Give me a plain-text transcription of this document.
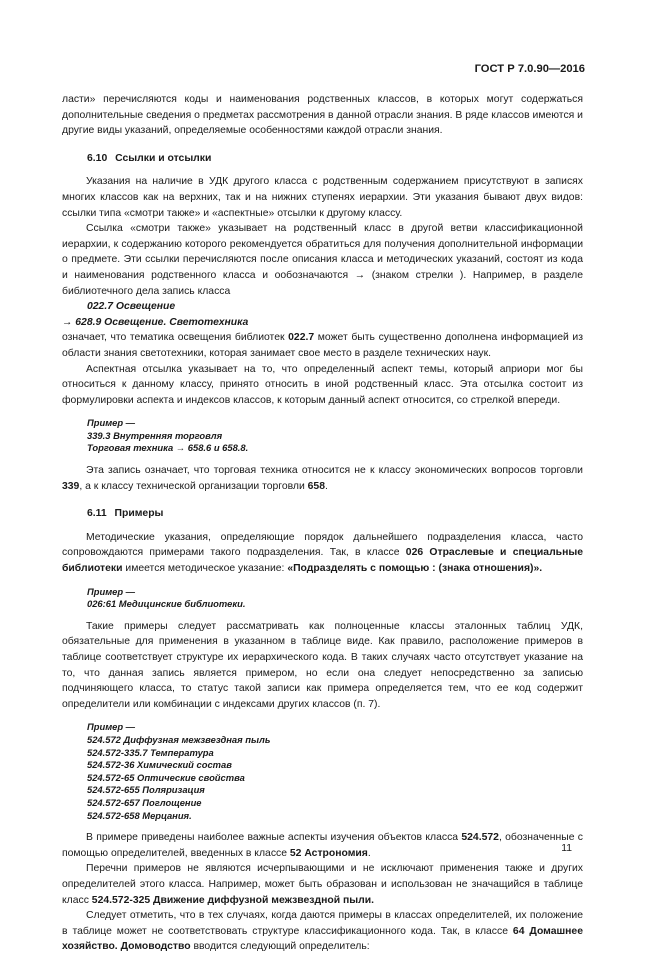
ГОСТ Р 7.0.90—2016

ласти» перечисляются коды и наименования родственных классов, в которых могут содержаться дополнительные сведения о предметах рассмотрения в данной отрасли знания. В ряде классов имеются и другие виды указаний, определяемые особенностями каждой отрасли знания.

6.10 Ссылки и отсылки

Указания на наличие в УДК другого класса с родственным содержанием присутствуют в записях многих классов как на верхних, так и на нижних ступенях иерархии. Эти указания бывают двух видов: ссылки типа «смотри также» и «аспектные» отсылки к другому классу.

Ссылка «смотри также» указывает на родственный класс в другой ветви классификационной иерархии, к содержанию которого рекомендуется обратиться для получения дополнительной информации о предмете. Эти ссылки перечисляются после описания класса и методических указаний, состоят из кода и наименования родственного класса и ообозначаются → (знаком стрелки ). Например, в разделе библиотечного дела запись класса

022.7 Освещение
→ 628.9 Освещение. Светотехника

означает, что тематика освещения библиотек 022.7 может быть существенно дополнена информацией из области знания светотехники, которая занимает свое место в разделе технических наук.

Аспектная отсылка указывает на то, что определенный аспект темы, который априори мог бы относиться к данному классу, принято относить в иной родственный класс. Эта отсылка состоит из формулировки аспекта и индексов классов, к которым данный аспект относится, со стрелкой впереди.

Пример —
339.3 Внутренняя торговля
Торговая техника → 658.6 и 658.8.

Эта запись означает, что торговая техника относится не к классу экономических вопросов торговли 339, а к классу технической организации торговли 658.

6.11 Примеры

Методические указания, определяющие порядок дальнейшего подразделения класса, часто сопровождаются примерами такого подразделения. Так, в классе 026 Отраслевые и специальные библиотеки имеется методическое указание: «Подразделять с помощью : (знака отношения)».

Пример —
026:61 Медицинские библиотеки.

Такие примеры следует рассматривать как полноценные классы эталонных таблиц УДК, обязательные для применения в указанном в таблице виде. Как правило, расположение примеров в таблице соответствует структуре их иерархического кода. В таких случаях часто отсутствует указание на то, что данная запись является примером, но если она следует непосредственно за записью подчиняющего класса, то статус такой записи как примера определяется тем, что ее код содержит определители или комбинации с индексами других классов (п. 7).

Пример —
524.572 Диффузная межзвездная пыль
524.572-335.7 Температура
524.572-36 Химический состав
524.572-65 Оптические свойства
524.572-655 Поляризация
524.572-657 Поглощение
524.572-658 Мерцания.

В примере приведены наиболее важные аспекты изучения объектов класса 524.572, обозначенные с помощью определителей, введенных в классе 52 Астрономия.

Перечни примеров не являются исчерпывающими и не исключают применения также и других определителей этого класса. Например, может быть образован и использован не значащийся в таблице класс 524.572-325 Движение диффузной межзвездной пыли.

Следует отметить, что в тех случаях, когда даются примеры в классах определителей, их положение в таблице может не соответствовать структуре классификационного кода. Так, в классе 64 Домашнее хозяйство. Домоводство вводится следующий определитель:

11
